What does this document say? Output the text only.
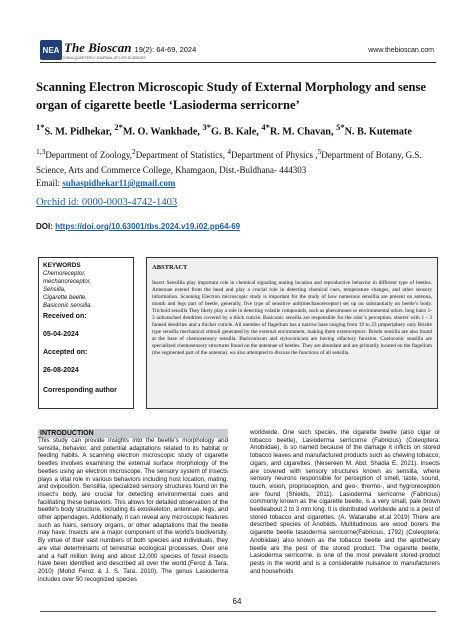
NEA The Bioscan 19(2): 64-69, 2024
AN INTERNATIONAL QUARTERLY JOURNAL OF LIFE SCIENCES
www.thebioscan.com
Scanning Electron Microscopic Study of External Morphology and sense organ of cigarette beetle ‘Lasioderma serricorne’
$^{1*}$S. M. Pidhekar, $^{2*}$M. O. Wankhade, $^{3*}$G. B. Kale, $^{4*}$R. M. Chavan, $^{5*}$N. B. Kutemate
$^{1,3}$Department of Zoology,$^2$Department of Statistics, $^4$Department of Physics ,$^5$Department of Botany, G.S. Science, Arts and Commerce College, Khamgaon, Dist.-Buldhana- 444303
Email: suhaspidhekar11@gmail.com
Orchid id: 0000-0003-4742-1403
DOI: https://doi.org/10.63001/tbs.2024.v19.i02.pp64-69
KEYWORDS
Chemoreceptor,
mechanoreceptor,
Sensilla,
Cigarette beetle,
Basiconic sensilla.
Received on:
05-04-2024
Accepted on:
26-08-2024
Corresponding author
ABSTRACT
Insect Sensillia play important role in chemical signaling mating location and reproductive behavior in different type of beetles. Antennae extend from the head and play a crucial role in detecting chemical cues, temperature changes, and other sensory information. Scanning Electron microscopic study is important for the study of how numerous sensillia are present on antenna, mouth and legs part of beetle, generally, five type of sensitive unit(mechanoreceptor) set up on substantially on beetle’s body. Trichoid sensilla They likely play a role in detecting volatile compounds, such as pheromones or environmental odors. long hairs 1- 3 unbranched dendrites covered by a thick cuticle. Basiconic sensilla are responsible for the odor’s perception. shorter with 1 - 3 fanned dendrites and a thicker cuticle. All member of flagellum has a narrow base ranging from 19 to 23 µmperiphery only Bristle type sensilla mechanical stimuli generated by the external environment, making them exteroceptors. Bristle sensilla are also found at the base of chemosensory sensilla. Basiconicum and styloconicum are having olfactory function. Coeloconic sensilla are specialized chemosensory structures found on the antennae of beetles. They are abundant and are primarily located on the flagellum (the segmented part of the antenna). we also attempted to discuss the functions of all sensilla.
INTRODUCTION
This study can provide insights into the beetle's morphology and sensilla, behavior, and potential adaptations related to its habitat or feeding habits. A scanning electron microscopic study of cigarette beetles involves examining the external surface morphology of the beetles using an electron microscope. The sensory system of insects plays a vital role in various behaviors including host location, mating, and oviposition. Sensillia, specialized sensory structures found on the insect's body, are crucial for detecting environmental cues and facilitating these behaviors. This allows for detailed observation of the beetle's body structure, including its exoskeleton, antennae, legs, and other appendages. Additionally, it can reveal any microscopic features such as hairs, sensory organs, or other adaptations that the beetle may have. Insects are a major component of the world's biodiversity. By virtue of their vast numbers of both species and individuals, they are vital determinants of terrestrial ecological processes. Over one and a half million living and about 12,000 species of fossil insects have been identified and described all over the world.(Feroz & Tara, 2010) (Mohd Feroz & J. S. Tara. 2010). The genus Lasioderma includes over 50 recognized species
worldwide. One such species, the cigarette beetle (also cigar or tobacco beetle), Lasioderma serricorne (Fabricius) (Coleoptera: Anobiidae), is so named because of the damage it inflicts on stored tobacco leaves and manufactured products such as chewing tobacco, cigars, and cigarettes. (Nesereen M. Abd, Shadia E. 2021). Insects are covered with sensory structures known as sensilla, where sensory neurons responsible for perception of smell, taste, sound, touch, vision, proprioception, and geo-, thermo-, and hygroreception are found (Shields, 2011). Lasioderma serricorne (Fabricius) commonly known as the cigarette beetle, is a very small, pale brown beetleabout 2 to 3 mm long. It is distributed worldwide and is a pest of stored tobacco and cigarettes. (A. Watanabe et.al 2019) There are described species of Anobiids. Multitudinous are wood borers the cigarette beetle lasioderma serricorne(Fabricius, 1792) (Coleoptera: Anobiidae) also known as the tobacco beetle and the apothecary beetle are the pest of the stored product. The cigarette beetle, Lasioderma serricorne, is one of the most prevalent stored-product pests in the world and is a considerable nuisance to manufacturers and households
64
